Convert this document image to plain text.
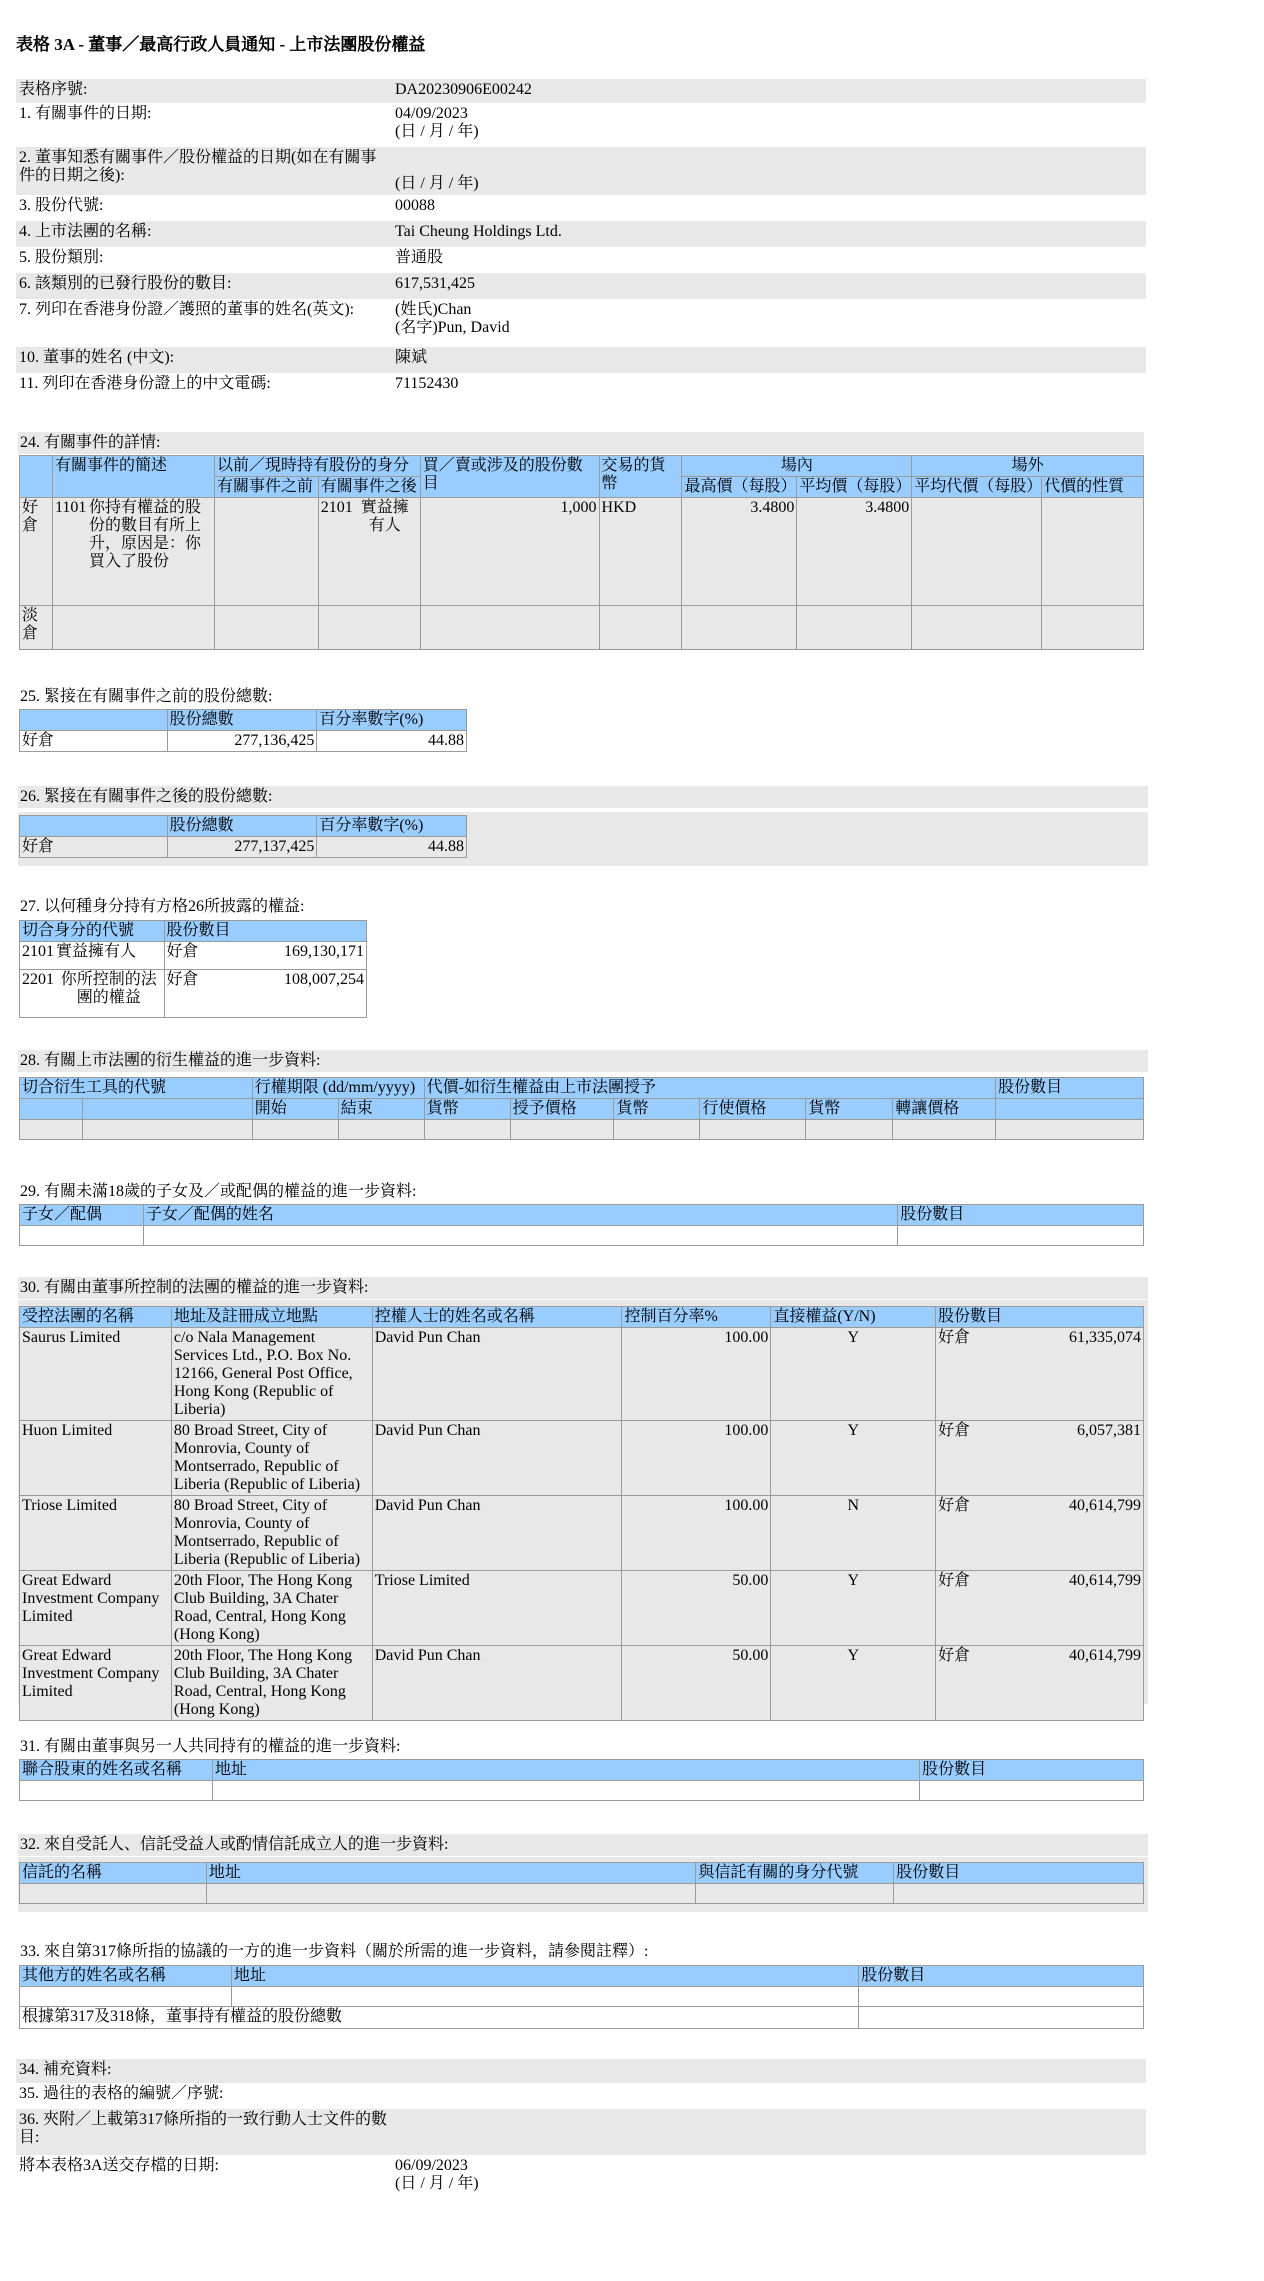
表格 3A - 董事／最高行政人員通知 - 上市法團股份權益
表格序號:	DA20230906E00242
1. 有關事件的日期:	04/09/2023
(日 / 月 / 年)

2. 董事知悉有關事件／股份權益的日期(如在有關事件的日期之後):	(日 / 月 / 年)

3. 股份代號:	00088
4. 上市法團的名稱:	Tai Cheung Holdings Ltd.
5. 股份類別:	普通股
6. 該類別的已發行股份的數目:	617,531,425
7. 列印在香港身份證／護照的董事的姓名(英文):	(姓氏)Chan
(名字)Pun, David

10. 董事的姓名 (中文):	陳斌
11. 列印在香港身份證上的中文電碼:	71152430
24. 有關事件的詳情:
	有關事件的簡述	以前／現時持有股份的身分		買／賣或涉及的股份數目	交易的貨幣	場內		場外	
		有關事件之前	有關事件之後			最高價（每股）	平均價（每股）	平均代價（每股）	代價的性質
好倉	1101 你持有權益的股份的數目有所上升，原因是：你買入了股份		2101 實益擁有人	1,000	HKD	3.4800	3.4800		
淡倉									
25. 緊接在有關事件之前的股份總數:
	股份總數	百分率數字(%)
好倉	277,136,425	44.88
26. 緊接在有關事件之後的股份總數:
	股份總數	百分率數字(%)
好倉	277,137,425	44.88
27. 以何種身分持有方格26所披露的權益:
切合身分的代號	股份數目

2101 實益擁有人	好倉 169,130,171

2201 你所控制的法團的權益	好倉 108,007,254
28. 有關上市法團的衍生權益的進一步資料:
切合衍生工具的代號		行權期限 (dd/mm/yyyy)		代價-如衍生權益由上市法團授予						股份數目
		開始	結束	貨幣	授予價格	貨幣	行使價格	貨幣	轉讓價格	

29. 有關未滿18歲的子女及／或配偶的權益的進一步資料:
子女／配偶	子女／配偶的姓名	股份數目

30. 有關由董事所控制的法團的權益的進一步資料:
受控法團的名稱	地址及註冊成立地點	控權人士的姓名或名稱	控制百分率%	直接權益(Y/N)	股份數目
Saurus Limited	c/o Nala Management Services Ltd., P.O. Box No. 12166, General Post Office, Hong Kong (Republic of Liberia)	David Pun Chan	100.00	Y	好倉 61,335,074

Huon Limited	80 Broad Street, City of Monrovia, County of Montserrado, Republic of Liberia (Republic of Liberia)	David Pun Chan	100.00	Y	好倉 6,057,381

Triose Limited	80 Broad Street, City of Monrovia, County of Montserrado, Republic of Liberia (Republic of Liberia)	David Pun Chan	100.00	N	好倉 40,614,799

Great Edward Investment Company Limited	20th Floor, The Hong Kong Club Building, 3A Chater Road, Central, Hong Kong (Hong Kong)	Triose Limited	50.00	Y	好倉 40,614,799

Great Edward Investment Company Limited	20th Floor, The Hong Kong Club Building, 3A Chater Road, Central, Hong Kong (Hong Kong)	David Pun Chan	50.00	Y	好倉 40,614,799
31. 有關由董事與另一人共同持有的權益的進一步資料:
聯合股東的姓名或名稱	地址	股份數目

32. 來自受託人、信託受益人或酌情信託成立人的進一步資料:
信託的名稱	地址	與信託有關的身分代號	股份數目

33. 來自第317條所指的協議的一方的進一步資料（關於所需的進一步資料，請參閱註釋）:
其他方的姓名或名稱	地址	股份數目

根據第317及318條，董事持有權益的股份總數		
34. 補充資料:	
35. 過往的表格的編號／序號:	
36. 夾附／上載第317條所指的一致行動人士文件的數目:	
將本表格3A送交存檔的日期:	06/09/2023
(日 / 月 / 年)
